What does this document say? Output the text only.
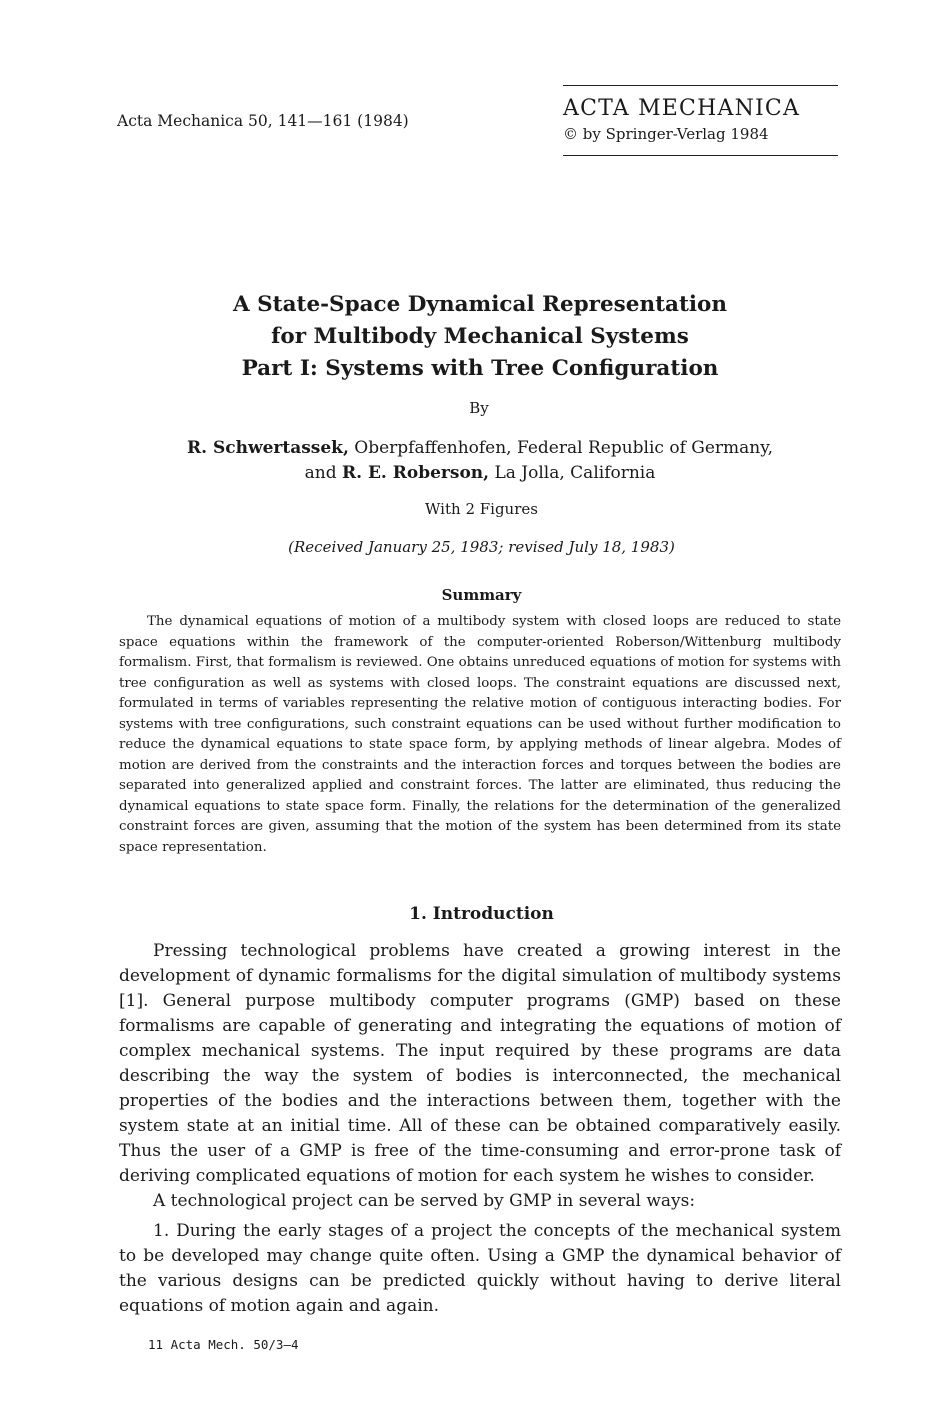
Acta Mechanica 50, 141—161 (1984)	ACTA MECHANICA
© by Springer-Verlag 1984
A State-Space Dynamical Representation
for Multibody Mechanical Systems
Part I: Systems with Tree Configuration
By
R. Schwertassek, Oberpfaffenhofen, Federal Republic of Germany,
and R. E. Roberson, La Jolla, California
With 2 Figures
(Received January 25, 1983; revised July 18, 1983)
Summary

The dynamical equations of motion of a multibody system with closed loops are reduced to state space equations within the framework of the computer-oriented Roberson/Wittenburg multibody formalism. First, that formalism is reviewed. One obtains unreduced equations of motion for systems with tree configuration as well as systems with closed loops. The constraint equations are discussed next, formulated in terms of variables representing the relative motion of contiguous interacting bodies. For systems with tree configurations, such constraint equations can be used without further modification to reduce the dynamical equations to state space form, by applying methods of linear algebra. Modes of motion are derived from the constraints and the interaction forces and torques between the bodies are separated into generalized applied and constraint forces. The latter are eliminated, thus reducing the dynamical equations to state space form. Finally, the relations for the determination of the generalized constraint forces are given, assuming that the motion of the system has been determined from its state space representation.

1. Introduction

Pressing technological problems have created a growing interest in the development of dynamic formalisms for the digital simulation of multibody systems [1]. General purpose multibody computer programs (GMP) based on these formalisms are capable of generating and integrating the equations of motion of complex mechanical systems. The input required by these programs are data describing the way the system of bodies is interconnected, the mechanical properties of the bodies and the interactions between them, together with the system state at an initial time. All of these can be obtained comparatively easily. Thus the user of a GMP is free of the time-consuming and error-prone task of deriving complicated equations of motion for each system he wishes to consider.

A technological project can be served by GMP in several ways:

1. During the early stages of a project the concepts of the mechanical system to be developed may change quite often. Using a GMP the dynamical behavior of the various designs can be predicted quickly without having to derive literal equations of motion again and again.

11 Acta Mech. 50/3–4
